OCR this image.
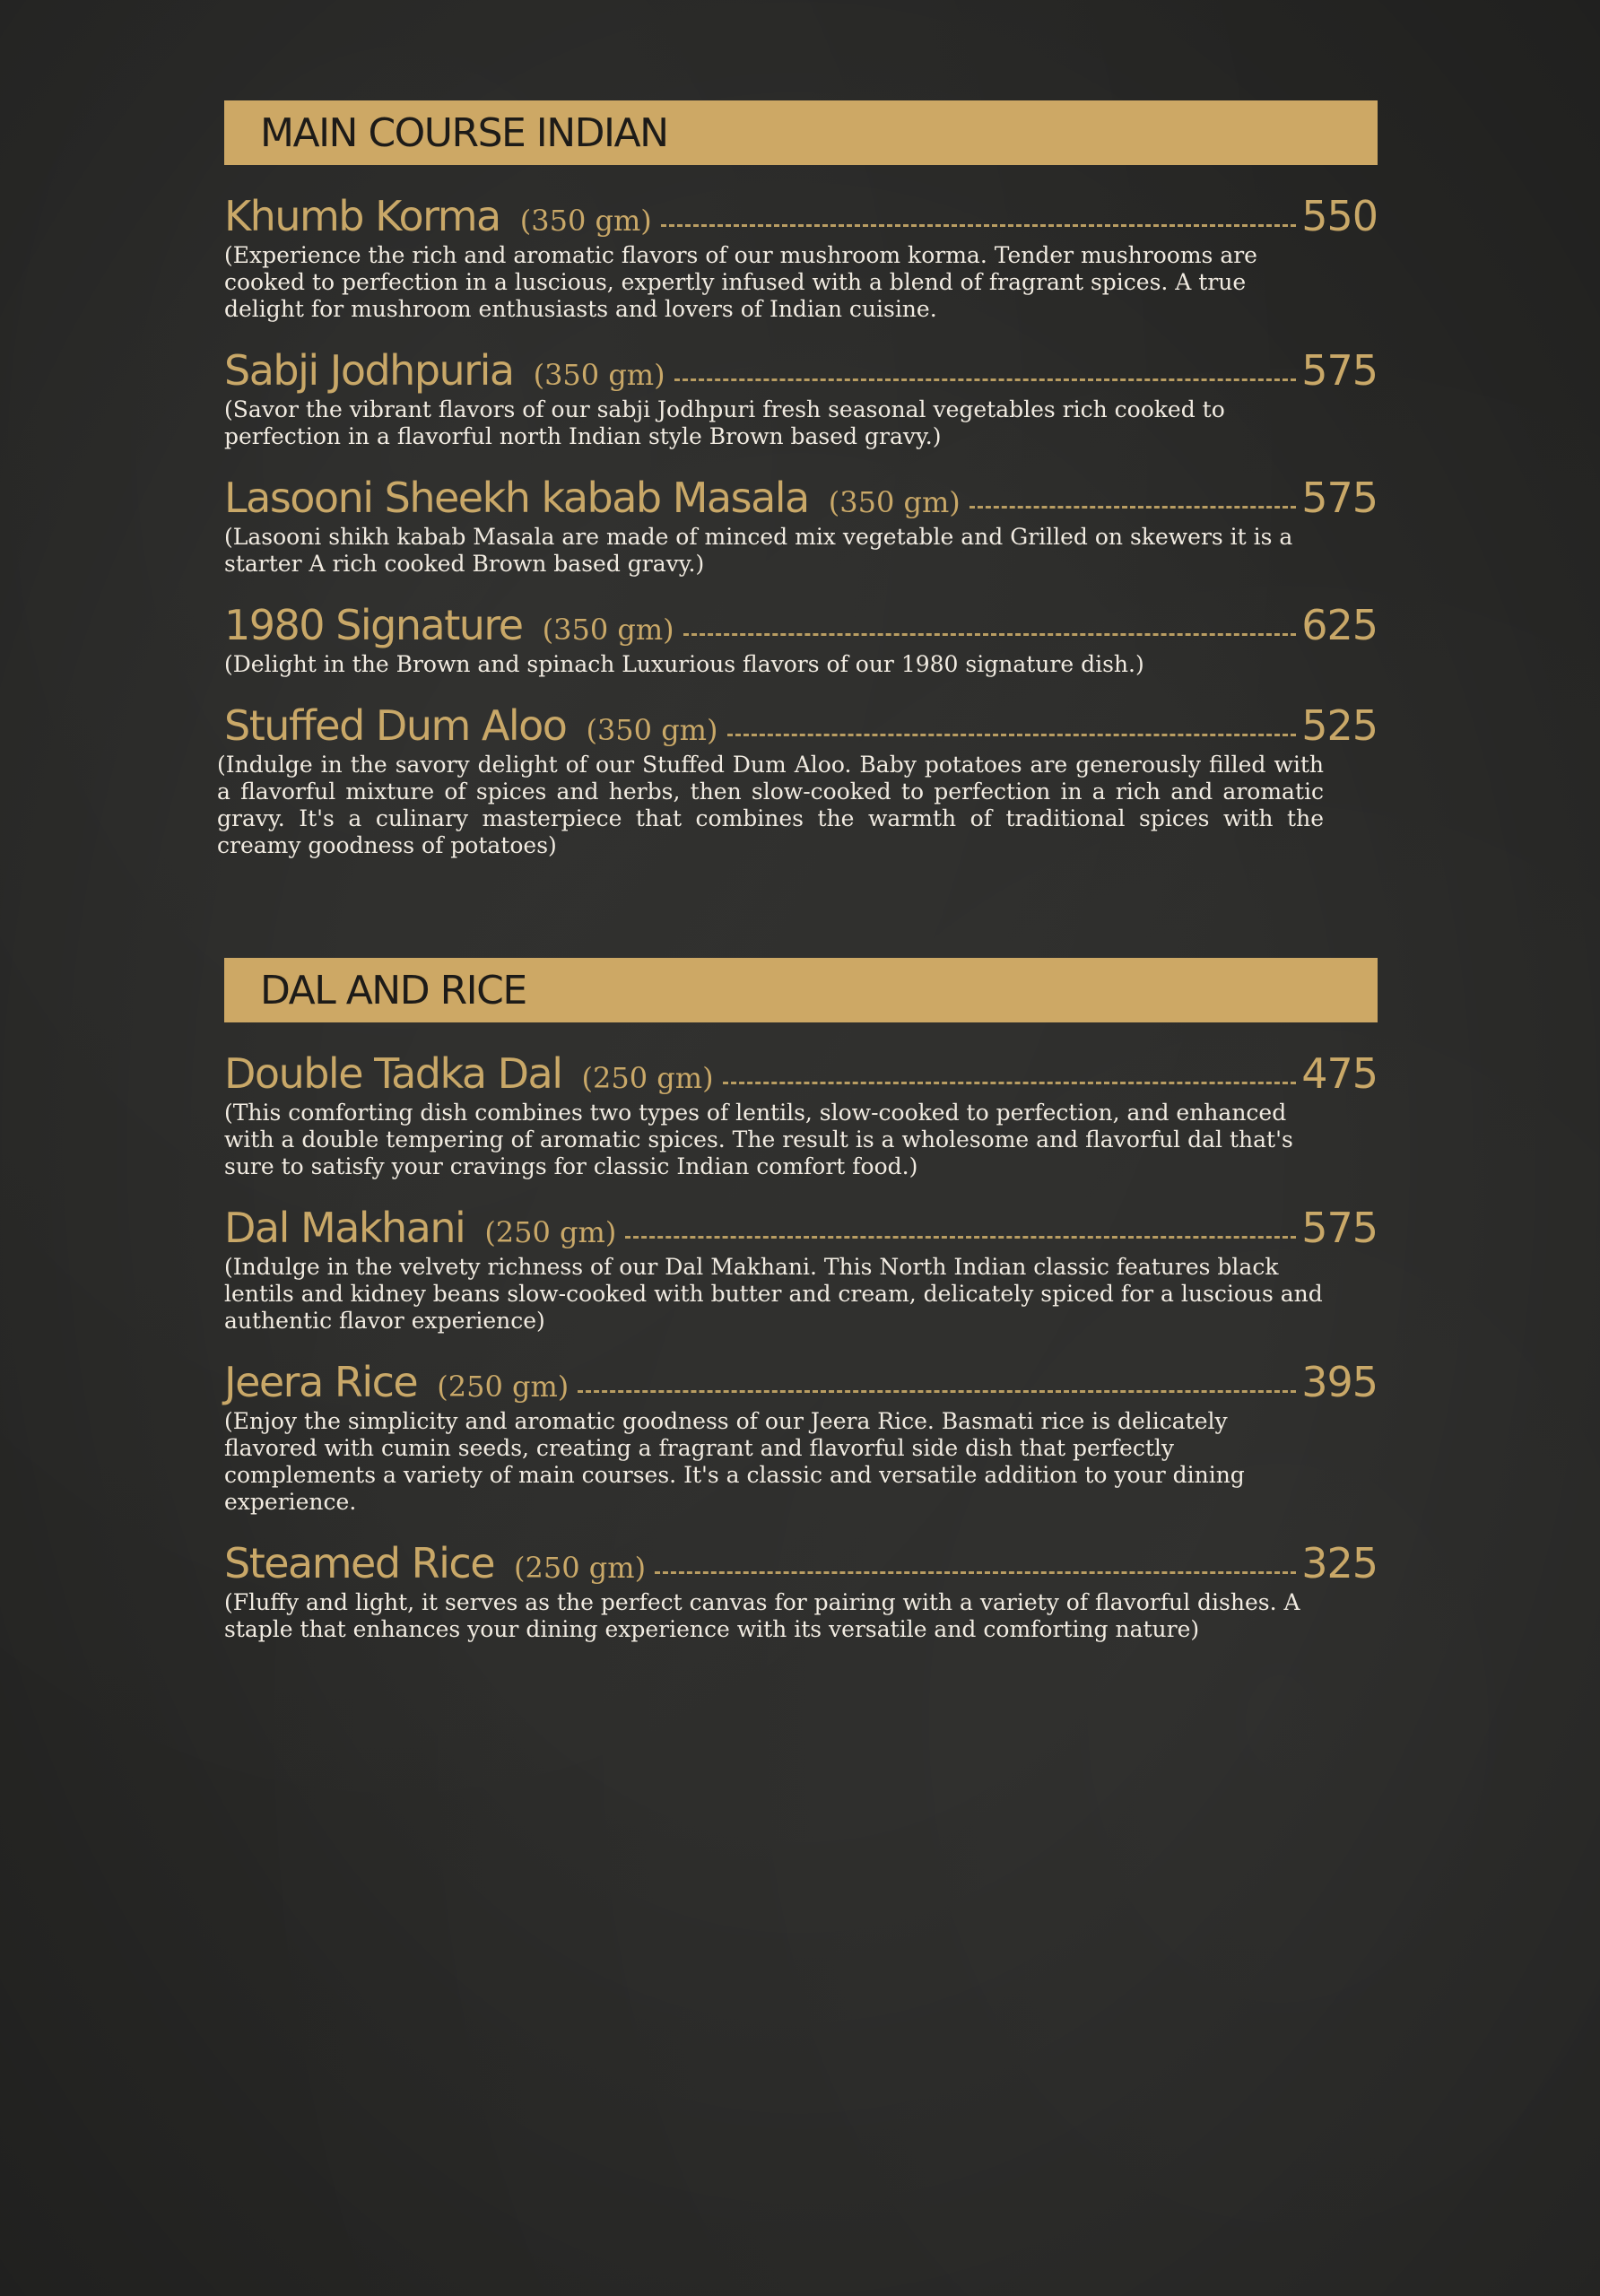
MAIN COURSE INDIAN
Khumb Korma (350 gm)	550
(Experience the rich and aromatic flavors of our mushroom korma. Tender mushrooms are cooked to perfection in a luscious, expertly infused with a blend of fragrant spices. A true delight for mushroom enthusiasts and lovers of Indian cuisine.
Sabji Jodhpuria (350 gm)	575
(Savor the vibrant flavors of our sabji Jodhpuri fresh seasonal vegetables rich cooked to perfection in a flavorful north Indian style Brown based gravy.)
Lasooni Sheekh kabab Masala (350 gm)	575
(Lasooni shikh kabab Masala are made of minced mix vegetable and Grilled on skewers it is a starter A rich cooked Brown based gravy.)
1980 Signature (350 gm)	625
(Delight in the Brown and spinach Luxurious flavors of our 1980 signature dish.)
Stuffed Dum Aloo (350 gm)	525
(Indulge in the savory delight of our Stuffed Dum Aloo. Baby potatoes are generously filled with a flavorful mixture of spices and herbs, then slow-cooked to perfection in a rich and aromatic gravy. It's a culinary masterpiece that combines the warmth of traditional spices with the creamy goodness of potatoes)
DAL AND RICE
Double Tadka Dal (250 gm)	475
(This comforting dish combines two types of lentils, slow-cooked to perfection, and enhanced with a double tempering of aromatic spices. The result is a wholesome and flavorful dal that's sure to satisfy your cravings for classic Indian comfort food.)
Dal Makhani (250 gm)	575
(Indulge in the velvety richness of our Dal Makhani. This North Indian classic features black lentils and kidney beans slow-cooked with butter and cream, delicately spiced for a luscious and authentic flavor experience)
Jeera Rice (250 gm)	395
(Enjoy the simplicity and aromatic goodness of our Jeera Rice. Basmati rice is delicately flavored with cumin seeds, creating a fragrant and flavorful side dish that perfectly complements a variety of main courses. It's a classic and versatile addition to your dining experience.
Steamed Rice (250 gm)	325
(Fluffy and light, it serves as the perfect canvas for pairing with a variety of flavorful dishes. A staple that enhances your dining experience with its versatile and comforting nature)
